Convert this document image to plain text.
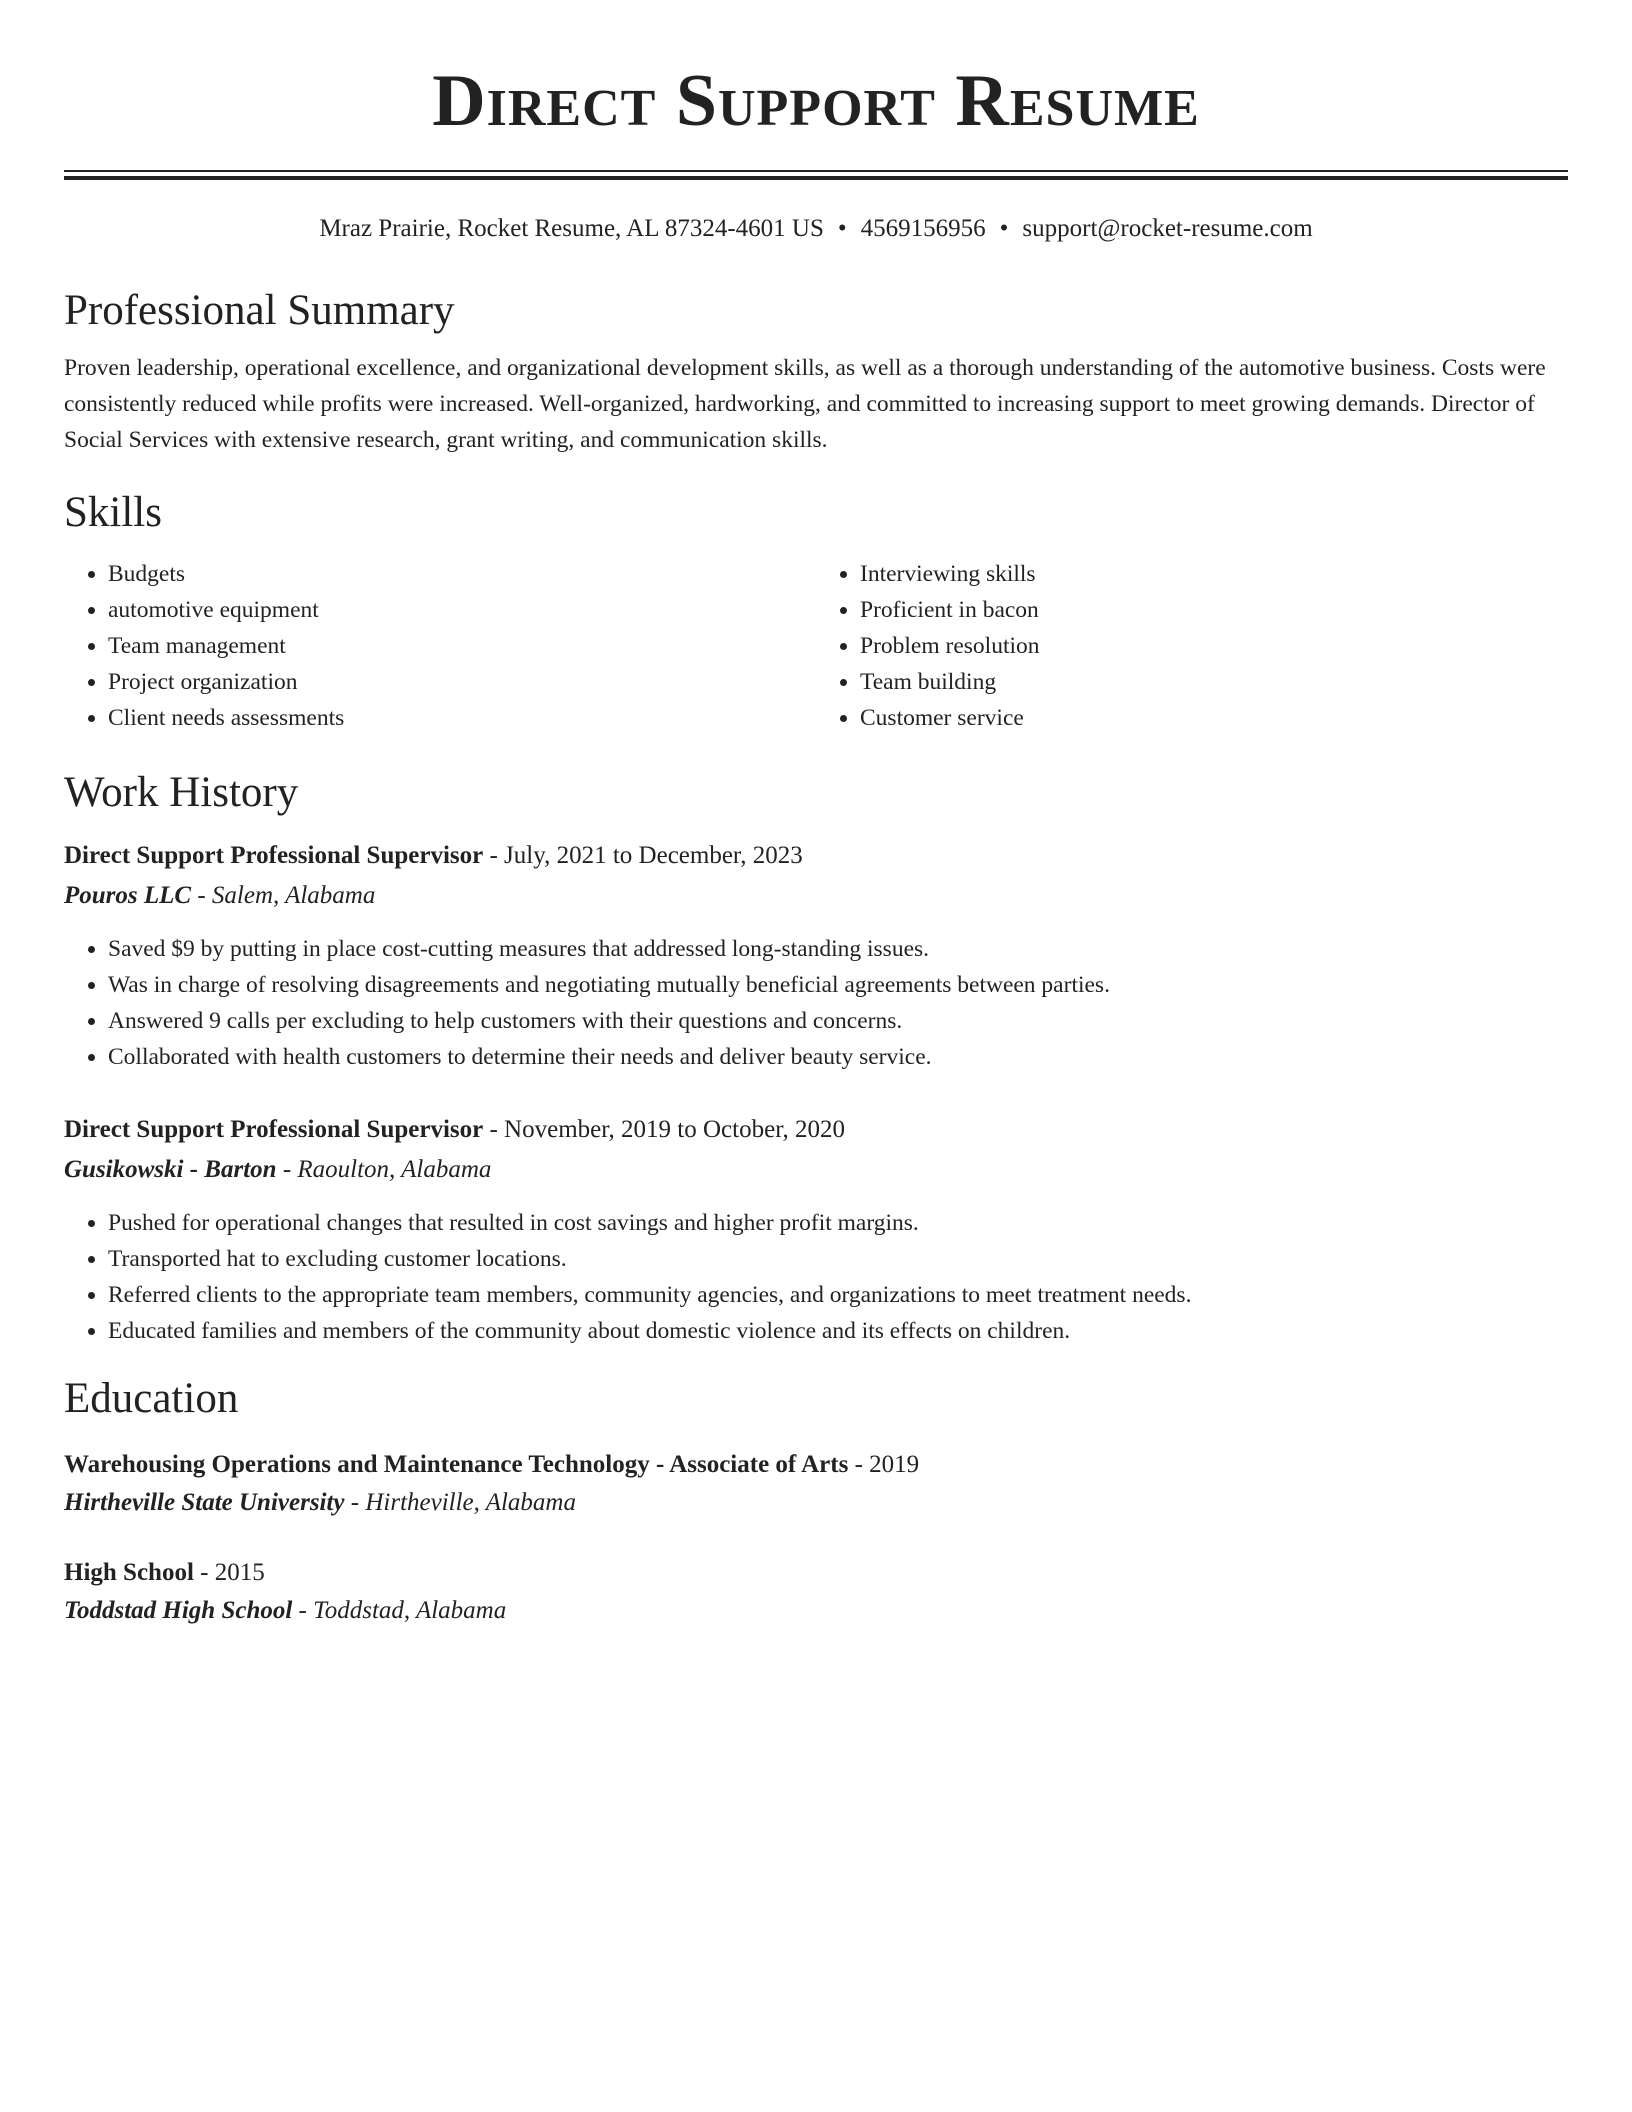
Direct Support Resume
Mraz Prairie, Rocket Resume, AL 87324-4601 US • 4569156956 • support@rocket-resume.com
Professional Summary

Proven leadership, operational excellence, and organizational development skills, as well as a thorough understanding of the automotive business. Costs were consistently reduced while profits were increased. Well-organized, hardworking, and committed to increasing support to meet growing demands. Director of Social Services with extensive research, grant writing, and communication skills.

Skills
• Budgets
• automotive equipment
• Team management
• Project organization
• Client needs assessments
• Interviewing skills
• Proficient in bacon
• Problem resolution
• Team building
• Customer service
Work History
Direct Support Professional Supervisor - July, 2021 to December, 2023
Pouros LLC - Salem, Alabama
• Saved $9 by putting in place cost-cutting measures that addressed long-standing issues.
• Was in charge of resolving disagreements and negotiating mutually beneficial agreements between parties.
• Answered 9 calls per excluding to help customers with their questions and concerns.
• Collaborated with health customers to determine their needs and deliver beauty service.
Direct Support Professional Supervisor - November, 2019 to October, 2020
Gusikowski - Barton - Raoulton, Alabama
• Pushed for operational changes that resulted in cost savings and higher profit margins.
• Transported hat to excluding customer locations.
• Referred clients to the appropriate team members, community agencies, and organizations to meet treatment needs.
• Educated families and members of the community about domestic violence and its effects on children.
Education
Warehousing Operations and Maintenance Technology - Associate of Arts - 2019
Hirtheville State University - Hirtheville, Alabama
High School - 2015
Toddstad High School - Toddstad, Alabama
